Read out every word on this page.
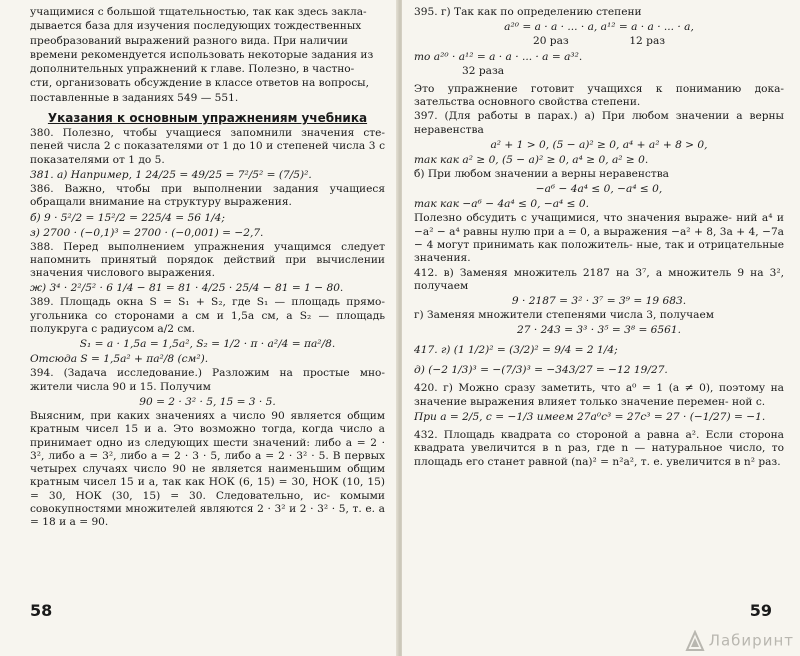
учащимися с большой тщательностью, так как здесь закла-

дывается база для изучения последующих тождественных

преобразований выражений разного вида. При наличии

времени рекомендуется использовать некоторые задания из

дополнительных упражнений к главе. Полезно, в частно-

сти, организовать обсуждение в классе ответов на вопросы,

поставленные в заданиях 549 — 551.

Указания к основным упражнениям учебника

380. Полезно, чтобы учащиеся запомнили значения сте- пеней числа 2 с показателями от 1 до 10 и степеней числа 3 с показателями от 1 до 5.

381. а) Например, 1 24/25 = 49/25 = 7²/5² = (7/5)².

386. Важно, чтобы при выполнении задания учащиеся обращали внимание на структуру выражения.

б) 9 · 5²/2 = 15²/2 = 225/4 = 56 1/4;

з) 2700 · (−0,1)³ = 2700 · (−0,001) = −2,7.

388. Перед выполнением упражнения учащимся следует напомнить принятый порядок действий при вычислении значения числового выражения.

ж) 3⁴ · 2²/5² · 6 1/4 − 81 = 81 · 4/25 · 25/4 − 81 = 1 − 80.

389. Площадь окна S = S₁ + S₂, где S₁ — площадь прямо- угольника со сторонами a см и 1,5a см, а S₂ — площадь полукруга с радиусом a/2 см.

S₁ = a · 1,5a = 1,5a², S₂ = 1/2 · π · a²/4 = πa²/8.

Отсюда S = 1,5a² + πa²/8 (см²).

394. (Задача исследование.) Разложим на простые мно- жители числа 90 и 15. Получим

90 = 2 · 3² · 5, 15 = 3 · 5.

Выясним, при каких значениях a число 90 является общим кратным чисел 15 и a. Это возможно тогда, когда число a принимает одно из следующих шести значений: либо a = 2 · 3², либо a = 3², либо a = 2 · 3 · 5, либо a = 2 · 3² · 5. В первых четырех случаях число 90 не является наименьшим общим кратным чисел 15 и a, так как НОК (6, 15) = 30, НОК (10, 15) = 30, НОК (30, 15) = 30. Следовательно, ис- комыми совокупностями множителей являются 2 · 3² и 2 · 3² · 5, т. е. a = 18 и a = 90.

58

395. г) Так как по определению степени

a²⁰ = a · a · ... · a, a¹² = a · a · ... · a,

20 раз	12 раз

то a²⁰ · a¹² = a · a · ... · a = a³².

32 раза

Это упражнение готовит учащихся к пониманию дока- зательства основного свойства степени.

397. (Для работы в парах.) а) При любом значении a верны неравенства

a² + 1 > 0, (5 − a)² ≥ 0, a⁴ + a² + 8 > 0,

так как a² ≥ 0, (5 − a)² ≥ 0, a⁴ ≥ 0, a² ≥ 0.

б) При любом значении a верны неравенства

−a⁶ − 4a⁴ ≤ 0, −a⁴ ≤ 0,

так как −a⁶ − 4a⁴ ≤ 0, −a⁴ ≤ 0.

Полезно обсудить с учащимися, что значения выраже- ний a⁴ и −a² − a⁴ равны нулю при a = 0, а выражения −a² + 8, 3a + 4, −7a − 4 могут принимать как положитель- ные, так и отрицательные значения.

412. в) Заменяя множитель 2187 на 3⁷, а множитель 9 на 3², получаем

9 · 2187 = 3² · 3⁷ = 3⁹ = 19 683.

г) Заменяя множители степенями числа 3, получаем

27 · 243 = 3³ · 3⁵ = 3⁸ = 6561.

417. г) (1 1/2)² = (3/2)² = 9/4 = 2 1/4;

д) (−2 1/3)³ = −(7/3)³ = −343/27 = −12 19/27.

420. г) Можно сразу заметить, что a⁰ = 1 (a ≠ 0), поэтому на значение выражения влияет только значение перемен- ной c.

При a = 2/5, c = −1/3 имеем 27a⁰c³ = 27c³ = 27 · (−1/27) = −1.

432. Площадь квадрата со стороной a равна a². Если сторона квадрата увеличится в n раз, где n — натуральное число, то площадь его станет равной (na)² = n²a², т. е. увеличится в n² раз.

59
Лабиринт
